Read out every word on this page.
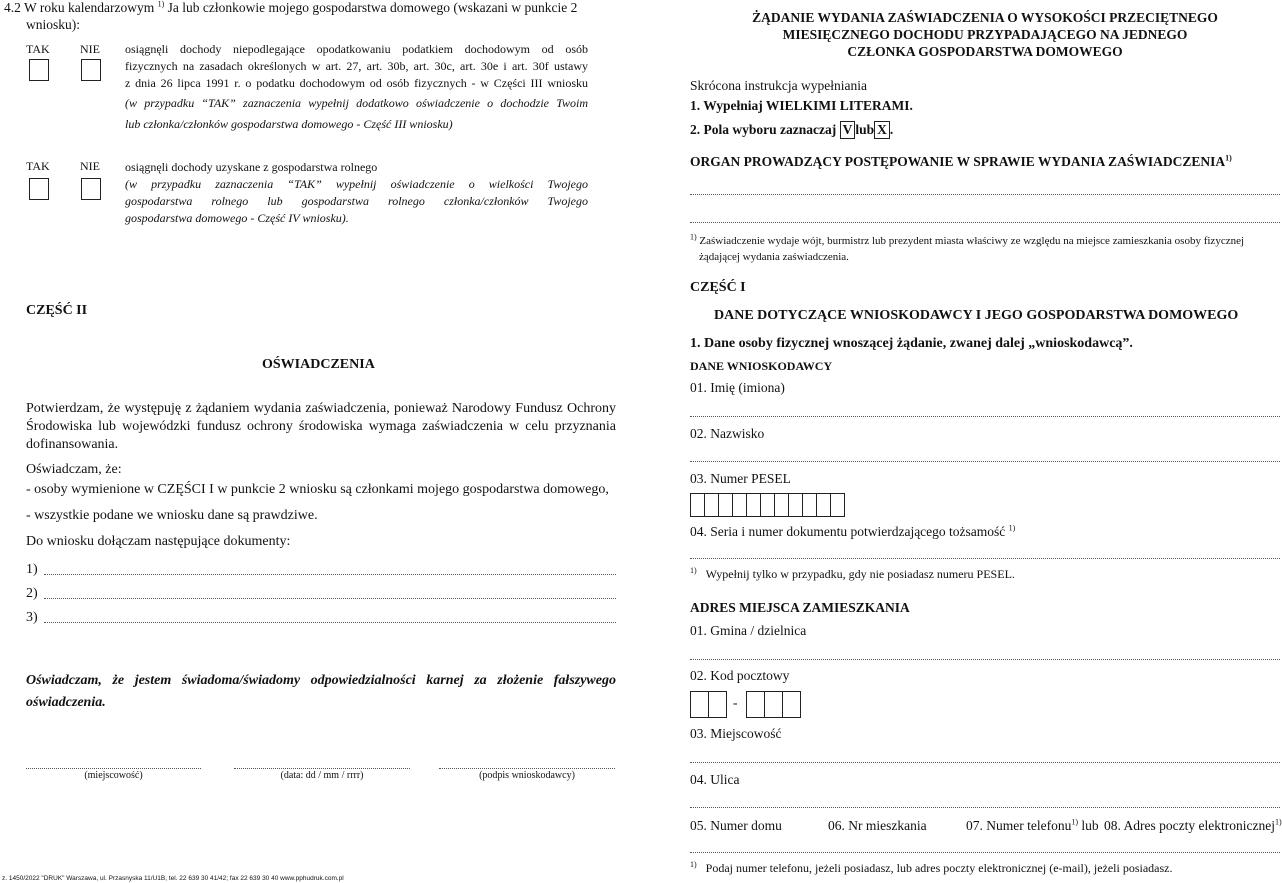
4.2 W roku kalendarzowym $^{1)}$ Ja lub członkowie mojego gospodarstwa domowego (wskazani w punkcie 2
wniosku):
TAK	NIE osiągnęli dochody niepodlegające opodatkowaniu podatkiem dochodowym od osób
fizycznych na zasadach określonych w art. 27, art. 30b, art. 30c, art. 30e i art. 30f ustawy
z dnia 26 lipca 1991 r. o podatku dochodowym od osób fizycznych - w Części III wniosku
(w przypadku “TAK” zaznaczenia wypełnij dodatkowo oświadczenie o dochodzie Twoim
lub członka/członków gospodarstwa domowego - Część III wniosku)
TAK	NIE osiągnęli dochody uzyskane z gospodarstwa rolnego
(w przypadku zaznaczenia “TAK” wypełnij oświadczenie o wielkości Twojego
gospodarstwa rolnego lub gospodarstwa rolnego członka/członków Twojego
gospodarstwa domowego - Część IV wniosku).
CZĘŚĆ II
OŚWIADCZENIA
Potwierdzam, że występuję z żądaniem wydania zaświadczenia, ponieważ Narodowy Fundusz Ochrony
Środowiska lub wojewódzki fundusz ochrony środowiska wymaga zaświadczenia w celu przyznania
dofinansowania.
Oświadczam, że:
- osoby wymienione w CZĘŚCI I w punkcie 2 wniosku są członkami mojego gospodarstwa domowego,
- wszystkie podane we wniosku dane są prawdziwe.
Do wniosku dołączam następujące dokumenty:
1)
2)
3)
Oświadczam, że jestem świadoma/świadomy odpowiedzialności karnej za złożenie fałszywego
oświadczenia.
(miejscowość)	(data: dd / mm / rrrr)	(podpis wnioskodawcy)
z. 1450/2022 "DRUK" Warszawa, ul. Przasnyska 11/U1B, tel. 22 639 30 41/42; fax 22 639 30 40 www.pphudruk.com.pl
ŻĄDANIE WYDANIA ZAŚWIADCZENIA O WYSOKOŚCI PRZECIĘTNEGO
MIESIĘCZNEGO DOCHODU PRZYPADAJĄCEGO NA JEDNEGO
CZŁONKA GOSPODARSTWA DOMOWEGO
Skrócona instrukcja wypełniania
1. Wypełniaj WIELKIMI LITERAMI.
2. Pola wyboru zaznaczaj V lub X .
ORGAN PROWADZĄCY POSTĘPOWANIE W SPRAWIE WYDANIA ZAŚWIADCZENIA$^{1)}$
$^{1)}$ Zaświadczenie wydaje wójt, burmistrz lub prezydent miasta właściwy ze względu na miejsce zamieszkania osoby fizycznej
żądającej wydania zaświadczenia.
CZĘŚĆ I
DANE DOTYCZĄCE WNIOSKODAWCY I JEGO GOSPODARSTWA DOMOWEGO
1. Dane osoby fizycznej wnoszącej żądanie, zwanej dalej „wnioskodawcą”.
DANE WNIOSKODAWCY
01. Imię (imiona)
02. Nazwisko
03. Numer PESEL
04. Seria i numer dokumentu potwierdzającego tożsamość $^{1)}$
$^{1)}$ Wypełnij tylko w przypadku, gdy nie posiadasz numeru PESEL.
ADRES MIEJSCA ZAMIESZKANIA
01. Gmina / dzielnica
02. Kod pocztowy
-
03. Miejscowość
04. Ulica
05. Numer domu	06. Nr mieszkania	07. Numer telefonu$^{1)}$ lub 08. Adres poczty elektronicznej$^{1)}$
$^{1)}$ Podaj numer telefonu, jeżeli posiadasz, lub adres poczty elektronicznej (e-mail), jeżeli posiadasz.
